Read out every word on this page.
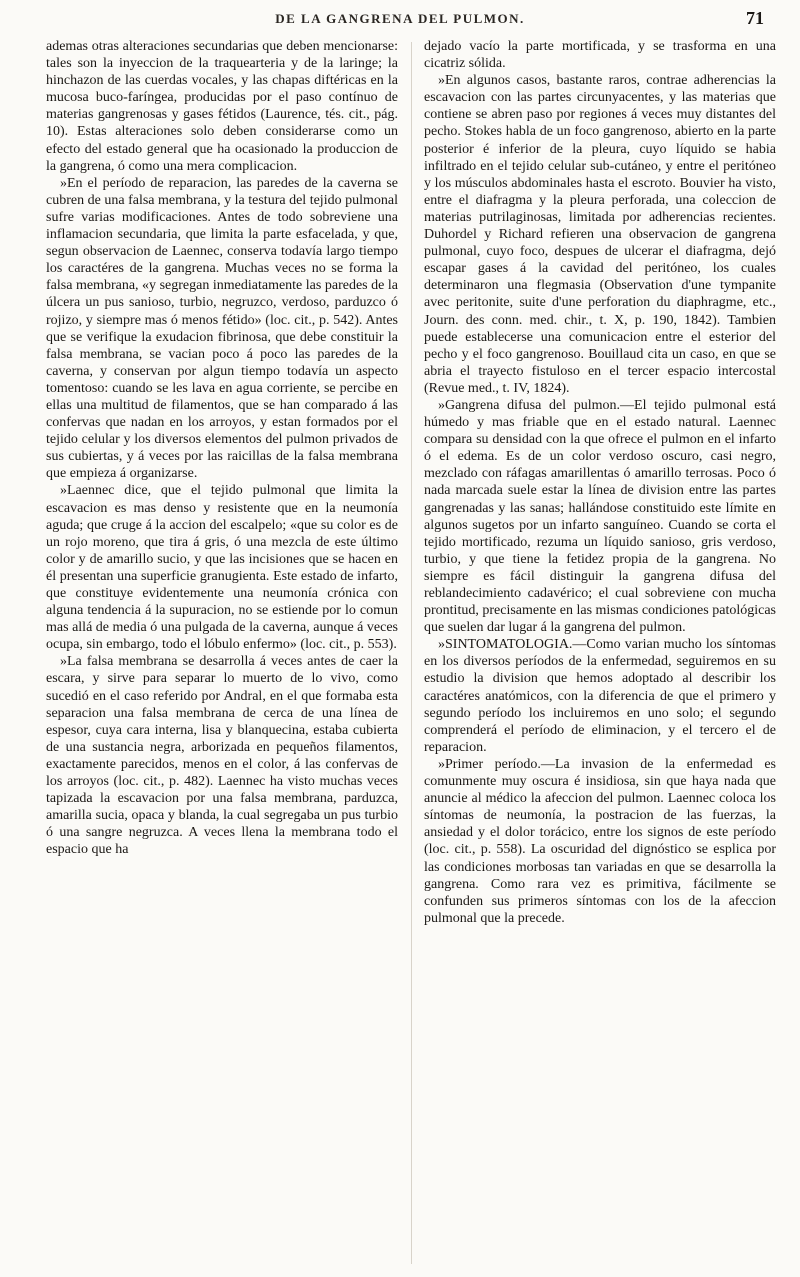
DE LA GANGRENA DEL PULMON.	71

ademas otras alteraciones secundarias que deben mencionarse: tales son la inyeccion de la traquearteria y de la laringe; la hinchazon de las cuerdas vocales, y las chapas diftéricas en la mucosa buco-faríngea, producidas por el paso contínuo de materias gangrenosas y gases fétidos (Laurence, tés. cit., pág. 10). Estas alteraciones solo deben considerarse como un efecto del estado general que ha ocasionado la produccion de la gangrena, ó como una mera complicacion.

»En el período de reparacion, las paredes de la caverna se cubren de una falsa membrana, y la testura del tejido pulmonal sufre varias modificaciones. Antes de todo sobreviene una inflamacion secundaria, que limita la parte esfacelada, y que, segun observacion de Laennec, conserva todavía largo tiempo los caractéres de la gangrena. Muchas veces no se forma la falsa membrana, «y segregan inmediatamente las paredes de la úlcera un pus sanioso, turbio, negruzco, verdoso, parduzco ó rojizo, y siempre mas ó menos fétido» (loc. cit., p. 542). Antes que se verifique la exudacion fibrinosa, que debe constituir la falsa membrana, se vacian poco á poco las paredes de la caverna, y conservan por algun tiempo todavía un aspecto tomentoso: cuando se les lava en agua corriente, se percibe en ellas una multitud de filamentos, que se han comparado á las confervas que nadan en los arroyos, y estan formados por el tejido celular y los diversos elementos del pulmon privados de sus cubiertas, y á veces por las raicillas de la falsa membrana que empieza á organizarse.

»Laennec dice, que el tejido pulmonal que limita la escavacion es mas denso y resistente que en la neumonía aguda; que cruge á la accion del escalpelo; «que su color es de un rojo moreno, que tira á gris, ó una mezcla de este último color y de amarillo sucio, y que las incisiones que se hacen en él presentan una superficie granugienta. Este estado de infarto, que constituye evidentemente una neumonía crónica con alguna tendencia á la supuracion, no se estiende por lo comun mas allá de media ó una pulgada de la caverna, aunque á veces ocupa, sin embargo, todo el lóbulo enfermo» (loc. cit., p. 553).

»La falsa membrana se desarrolla á veces antes de caer la escara, y sirve para separar lo muerto de lo vivo, como sucedió en el caso referido por Andral, en el que formaba esta separacion una falsa membrana de cerca de una línea de espesor, cuya cara interna, lisa y blanquecina, estaba cubierta de una sustancia negra, arborizada en pequeños filamentos, exactamente parecidos, menos en el color, á las confervas de los arroyos (loc. cit., p. 482). Laennec ha visto muchas veces tapizada la escavacion por una falsa membrana, parduzca, amarilla sucia, opaca y blanda, la cual segregaba un pus turbio ó una sangre negruzca. A veces llena la membrana todo el espacio que ha

dejado vacío la parte mortificada, y se trasforma en una cicatriz sólida.

»En algunos casos, bastante raros, contrae adherencias la escavacion con las partes circunyacentes, y las materias que contiene se abren paso por regiones á veces muy distantes del pecho. Stokes habla de un foco gangrenoso, abierto en la parte posterior é inferior de la pleura, cuyo líquido se habia infiltrado en el tejido celular sub-cutáneo, y entre el peritóneo y los músculos abdominales hasta el escroto. Bouvier ha visto, entre el diafragma y la pleura perforada, una coleccion de materias putrilaginosas, limitada por adherencias recientes. Duhordel y Richard refieren una observacion de gangrena pulmonal, cuyo foco, despues de ulcerar el diafragma, dejó escapar gases á la cavidad del peritóneo, los cuales determinaron una flegmasia (Observation d'une tympanite avec peritonite, suite d'une perforation du diaphragme, etc., Journ. des conn. med. chir., t. X, p. 190, 1842). Tambien puede establecerse una comunicacion entre el esterior del pecho y el foco gangrenoso. Bouillaud cita un caso, en que se abria el trayecto fistuloso en el tercer espacio intercostal (Revue med., t. IV, 1824).

»Gangrena difusa del pulmon.—El tejido pulmonal está húmedo y mas friable que en el estado natural. Laennec compara su densidad con la que ofrece el pulmon en el infarto ó el edema. Es de un color verdoso oscuro, casi negro, mezclado con ráfagas amarillentas ó amarillo terrosas. Poco ó nada marcada suele estar la línea de division entre las partes gangrenadas y las sanas; hallándose constituido este límite en algunos sugetos por un infarto sanguíneo. Cuando se corta el tejido mortificado, rezuma un líquido sanioso, gris verdoso, turbio, y que tiene la fetidez propia de la gangrena. No siempre es fácil distinguir la gangrena difusa del reblandecimiento cadavérico; el cual sobreviene con mucha prontitud, precisamente en las mismas condiciones patológicas que suelen dar lugar á la gangrena del pulmon.

»SINTOMATOLOGIA.—Como varian mucho los síntomas en los diversos períodos de la enfermedad, seguiremos en su estudio la division que hemos adoptado al describir los caractéres anatómicos, con la diferencia de que el primero y segundo período los incluiremos en uno solo; el segundo comprenderá el período de eliminacion, y el tercero el de reparacion.

»Primer período.—La invasion de la enfermedad es comunmente muy oscura é insidiosa, sin que haya nada que anuncie al médico la afeccion del pulmon. Laennec coloca los síntomas de neumonía, la postracion de las fuerzas, la ansiedad y el dolor torácico, entre los signos de este período (loc. cit., p. 558). La oscuridad del dignóstico se esplica por las condiciones morbosas tan variadas en que se desarrolla la gangrena. Como rara vez es primitiva, fácilmente se confunden sus primeros síntomas con los de la afeccion pulmonal que la precede.
